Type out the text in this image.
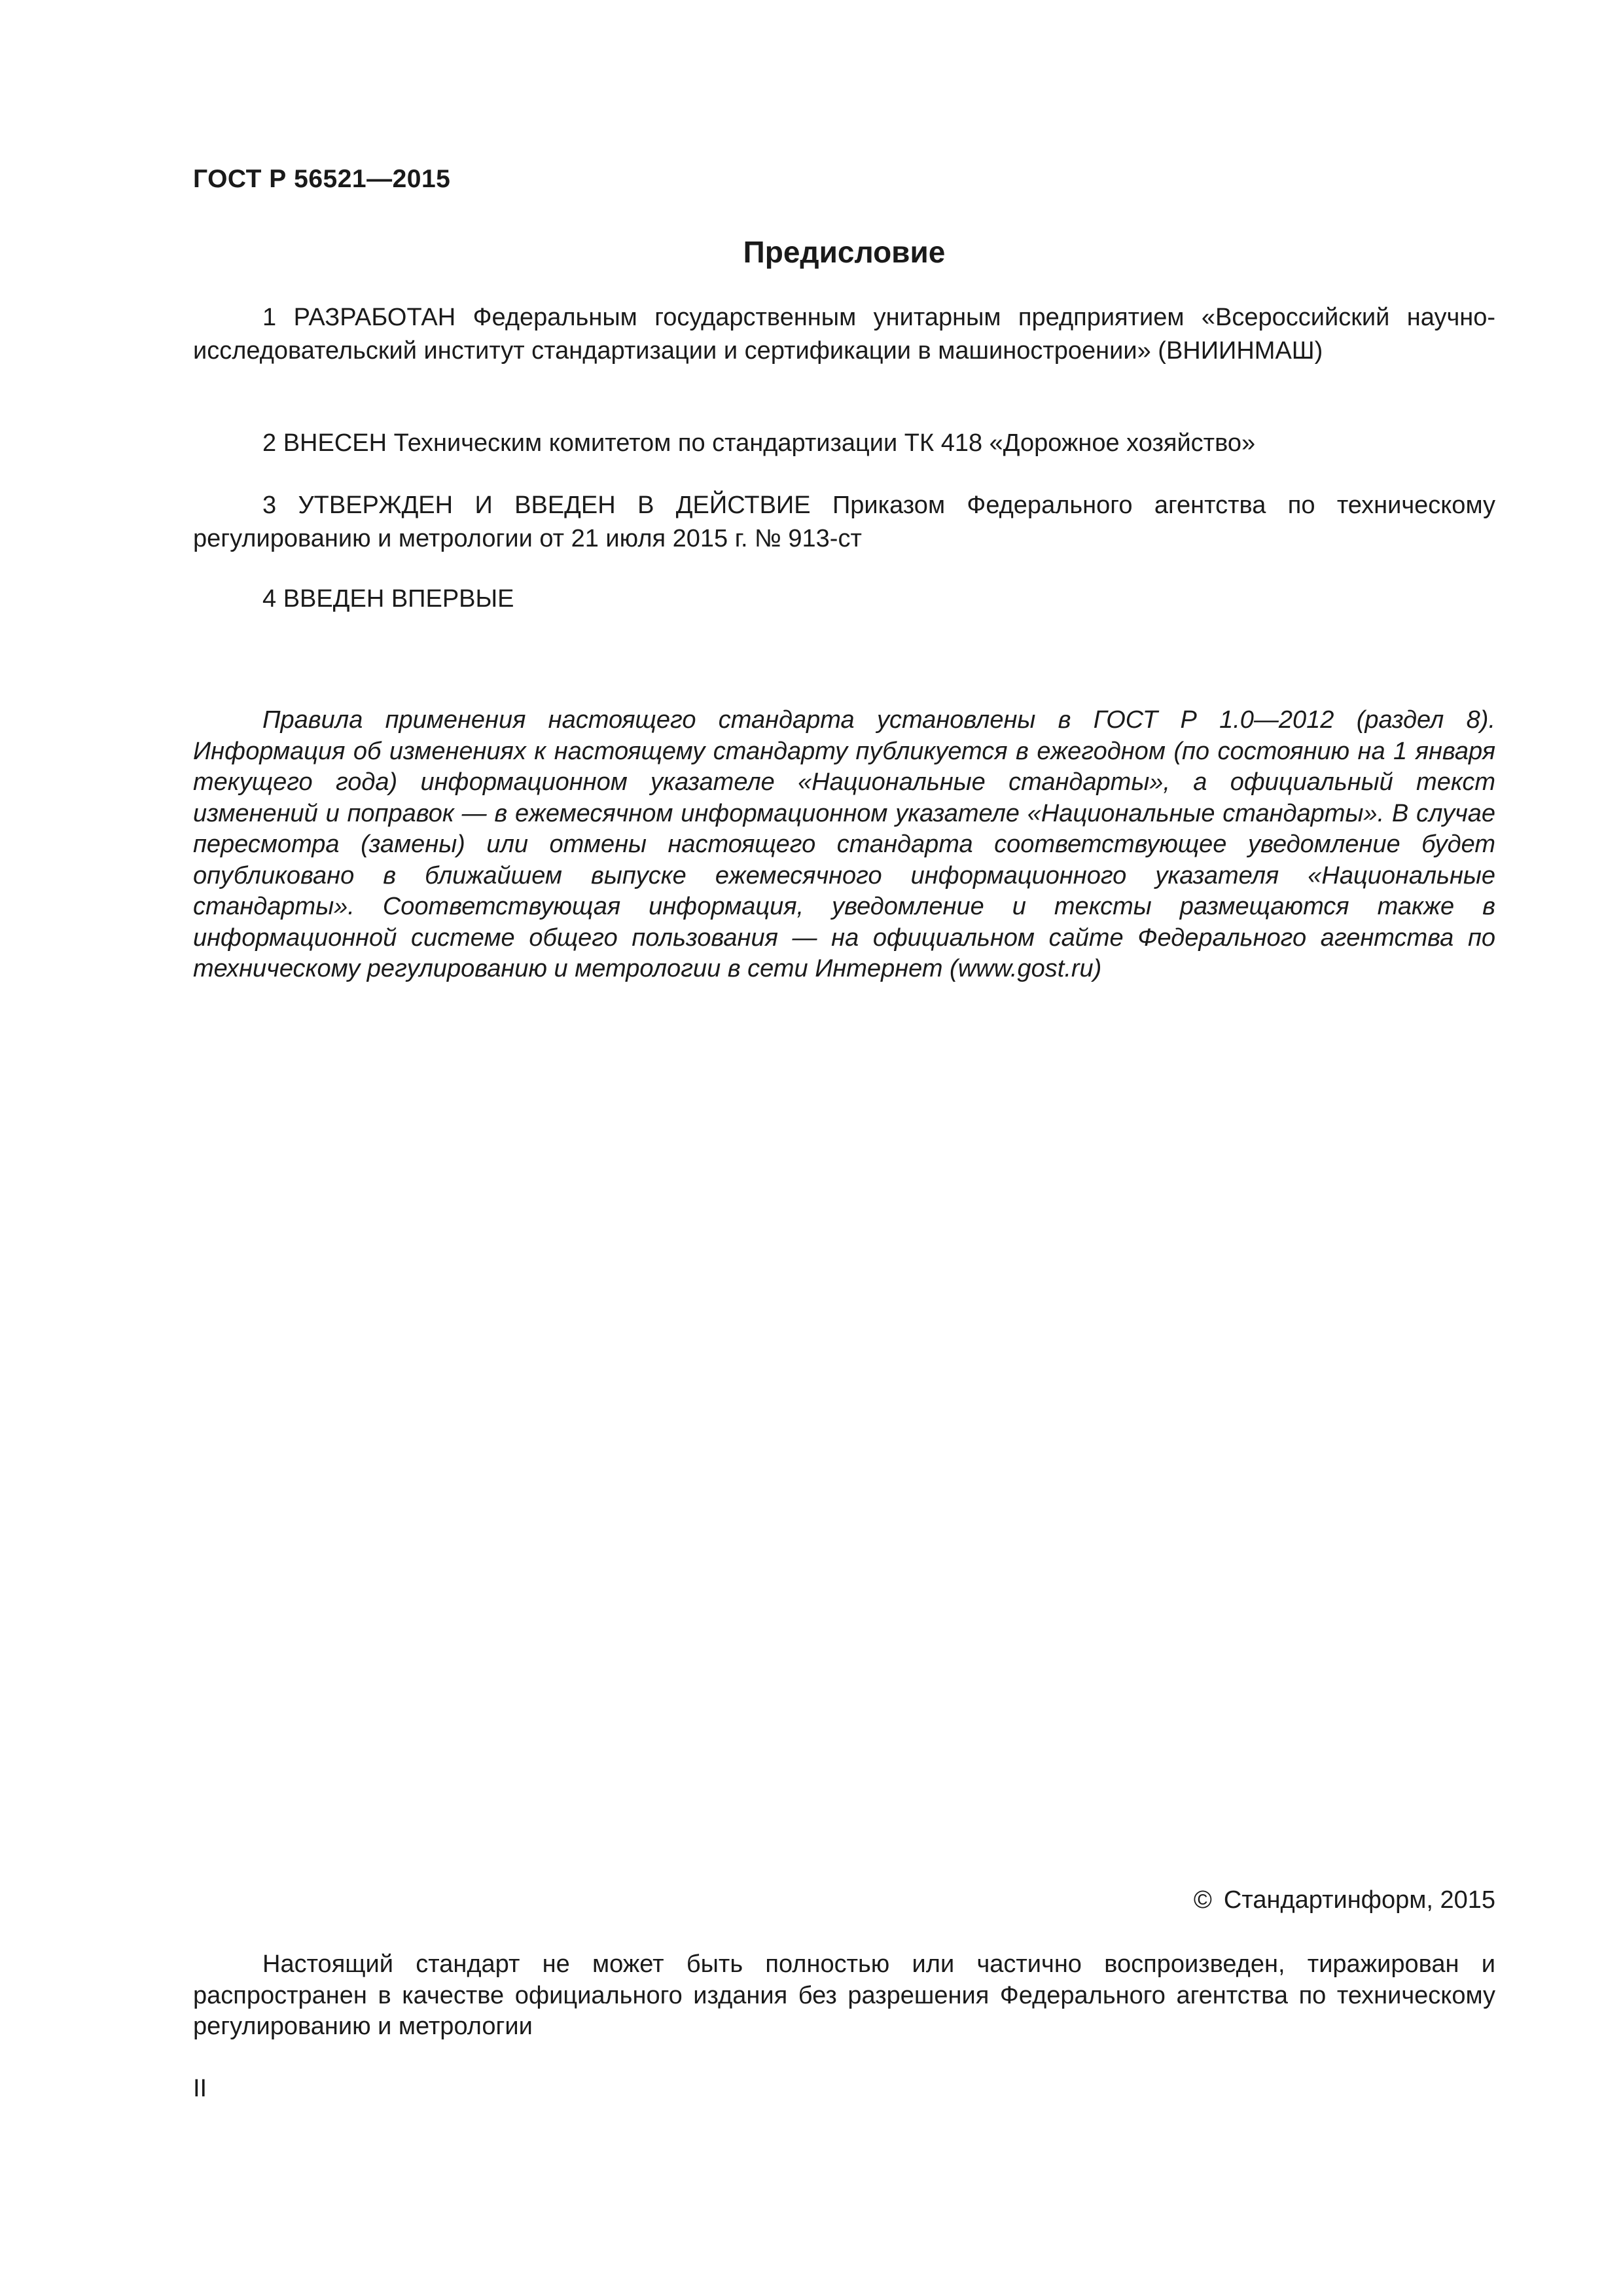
ГОСТ Р 56521—2015

Предисловие

1 РАЗРАБОТАН Федеральным государственным унитарным предприятием «Всероссийский научно-исследовательский институт стандартизации и сертификации в машиностроении» (ВНИИНМАШ)

2 ВНЕСЕН Техническим комитетом по стандартизации ТК 418 «Дорожное хозяйство»

3 УТВЕРЖДЕН И ВВЕДЕН В ДЕЙСТВИЕ Приказом Федерального агентства по техническому регулированию и метрологии от 21 июля 2015 г. № 913-ст

4 ВВЕДЕН ВПЕРВЫЕ

Правила применения настоящего стандарта установлены в ГОСТ Р 1.0—2012 (раздел 8). Информация об изменениях к настоящему стандарту публикуется в ежегодном (по состоянию на 1 января текущего года) информационном указателе «Национальные стандарты», а официальный текст изменений и поправок — в ежемесячном информационном указателе «Национальные стандарты». В случае пересмотра (замены) или отмены настоящего стандарта соответствующее уведомление будет опубликовано в ближайшем выпуске ежемесячного информационного указателя «Национальные стандарты». Соответствующая информация, уведомление и тексты размещаются также в информационной системе общего пользования — на официальном сайте Федерального агентства по техническому регулированию и метрологии в сети Интернет (www.gost.ru)

© Стандартинформ, 2015

Настоящий стандарт не может быть полностью или частично воспроизведен, тиражирован и распространен в качестве официального издания без разрешения Федерального агентства по техническому регулированию и метрологии

II
